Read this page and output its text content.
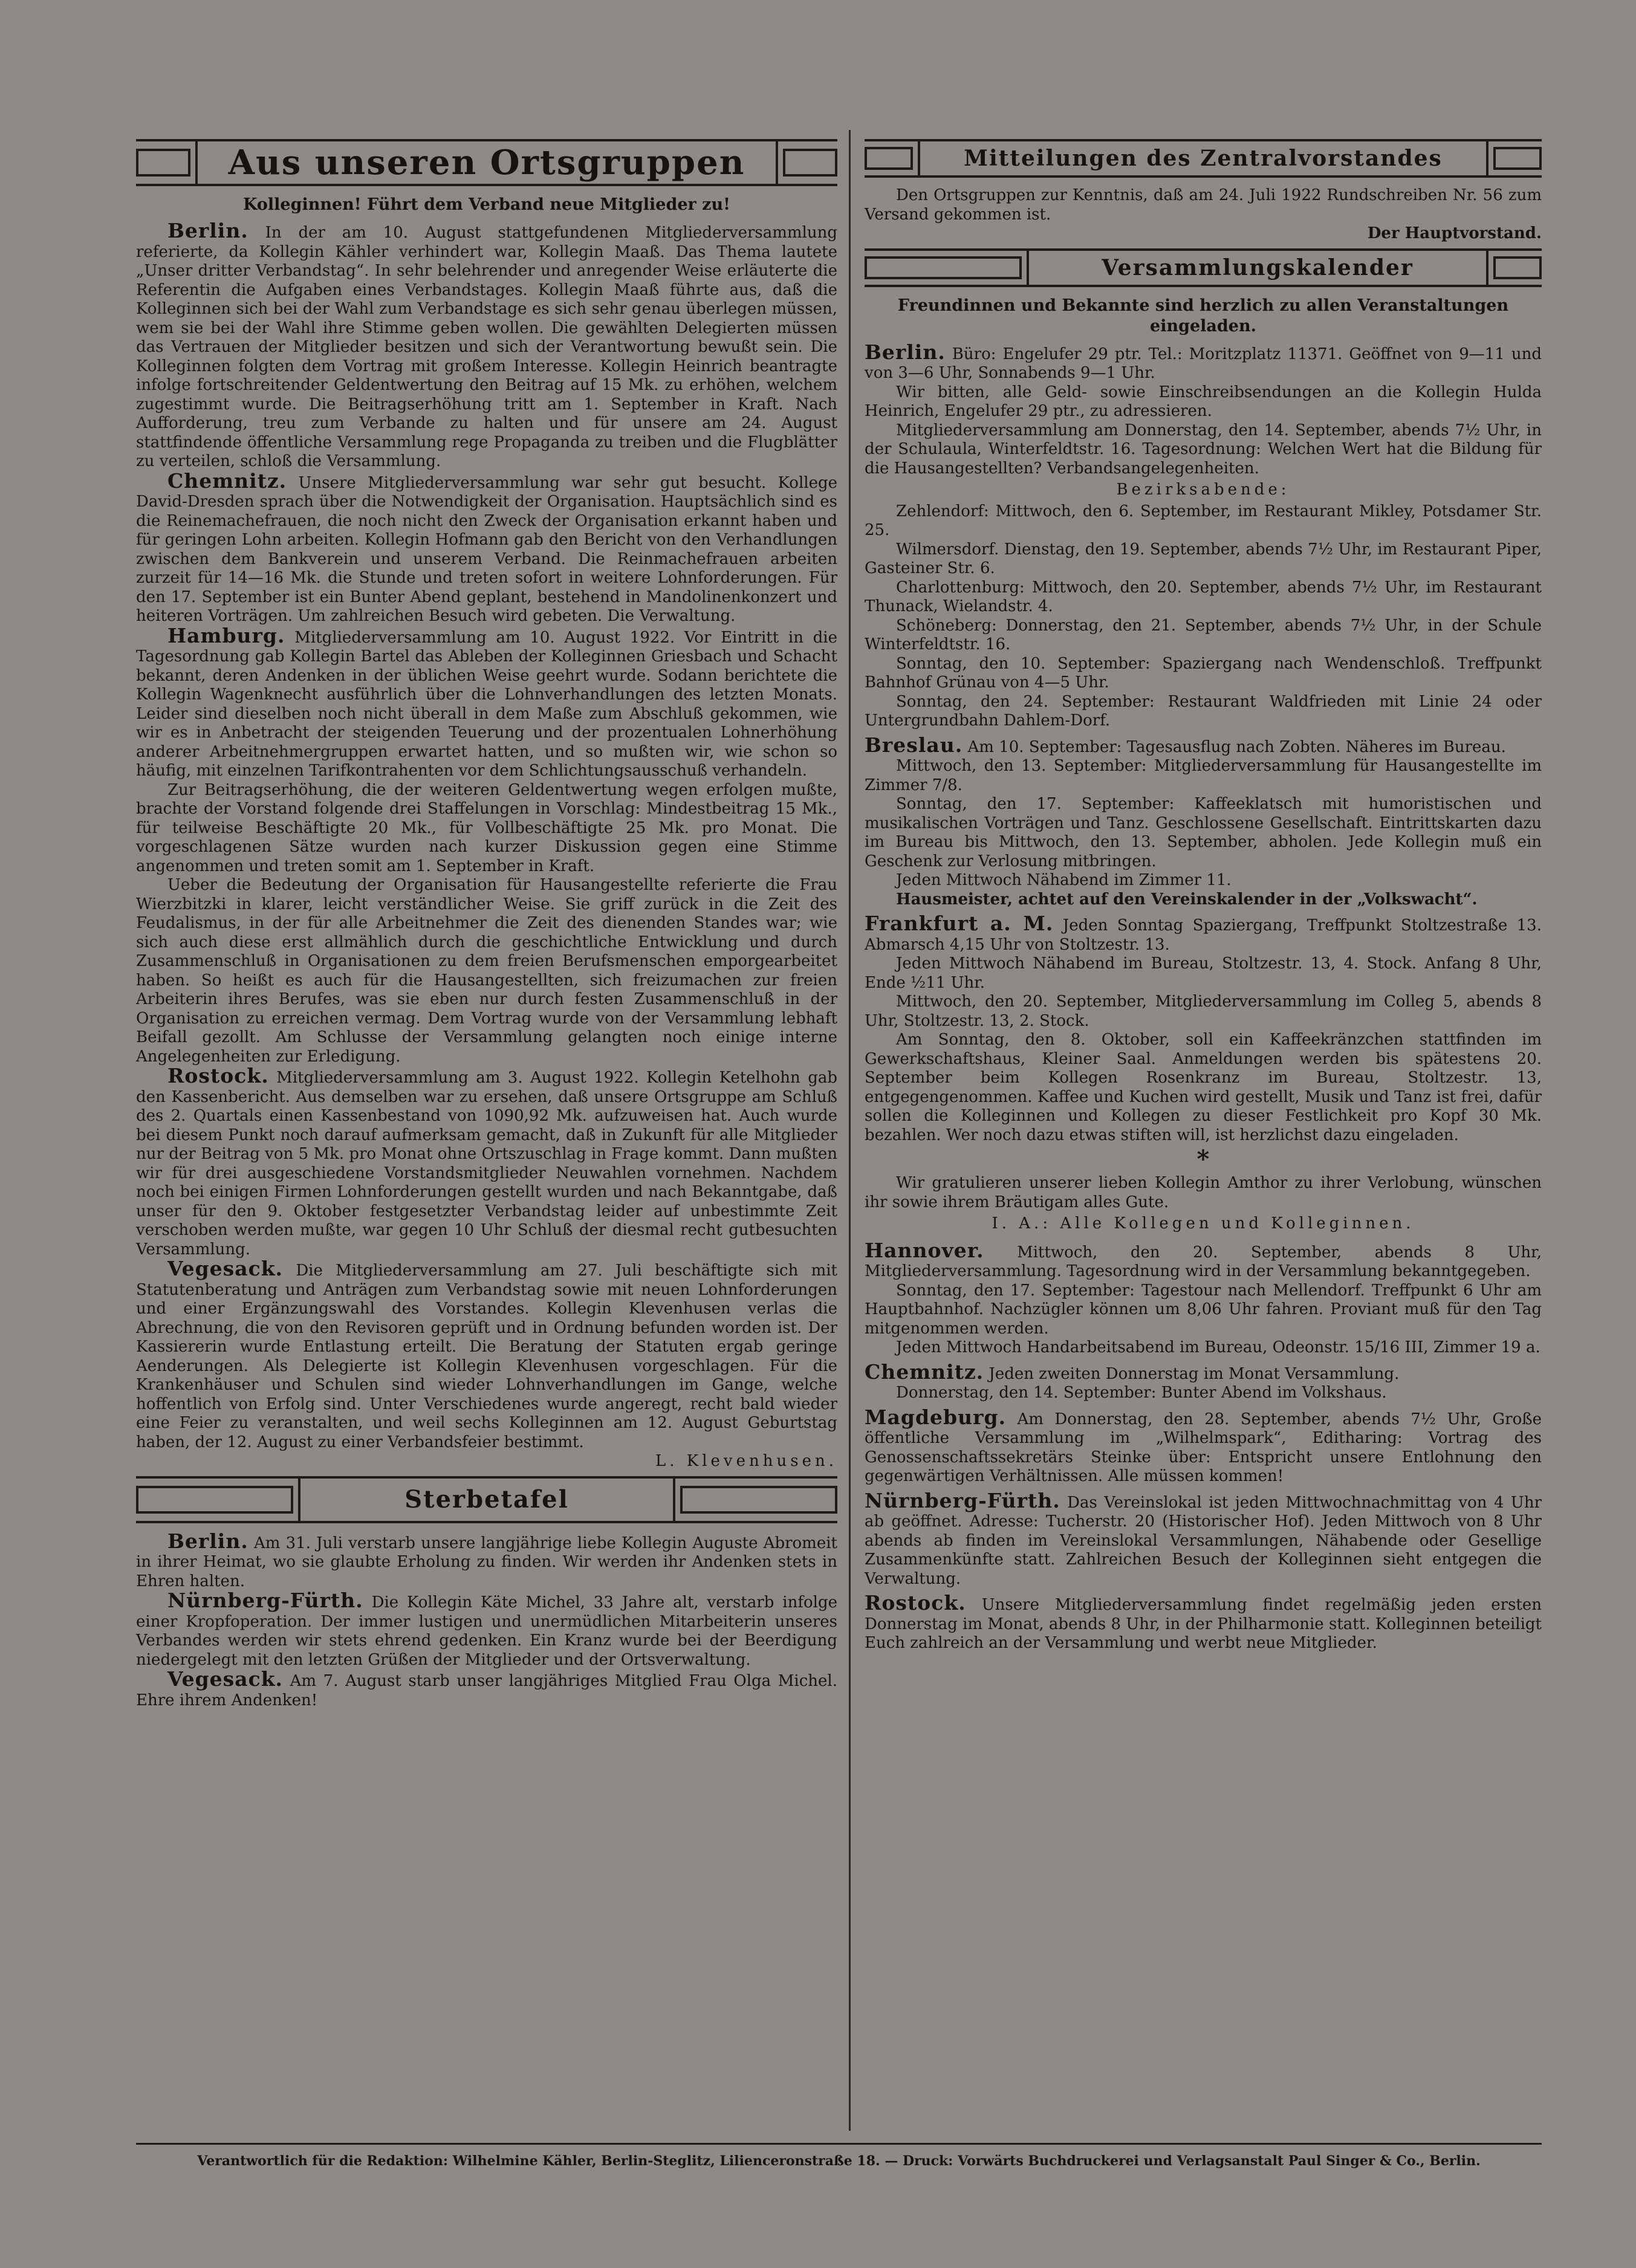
Aus unseren Ortsgruppen
Kolleginnen! Führt dem Verband neue Mitglieder zu!

Berlin. In der am 10. August stattgefundenen Mitgliederversammlung referierte, da Kollegin Kähler verhindert war, Kollegin Maaß. Das Thema lautete „Unser dritter Verbandstag“. In sehr belehrender und anregender Weise erläuterte die Referentin die Aufgaben eines Verbandstages. Kollegin Maaß führte aus, daß die Kolleginnen sich bei der Wahl zum Verbandstage es sich sehr genau überlegen müssen, wem sie bei der Wahl ihre Stimme geben wollen. Die gewählten Delegierten müssen das Vertrauen der Mitglieder besitzen und sich der Verantwortung bewußt sein. Die Kolleginnen folgten dem Vortrag mit großem Interesse. Kollegin Heinrich beantragte infolge fortschreitender Geldentwertung den Beitrag auf 15 Mk. zu erhöhen, welchem zugestimmt wurde. Die Beitragserhöhung tritt am 1. September in Kraft. Nach Aufforderung, treu zum Verbande zu halten und für unsere am 24. August stattfindende öffentliche Versammlung rege Propaganda zu treiben und die Flugblätter zu verteilen, schloß die Versammlung.

Chemnitz. Unsere Mitgliederversammlung war sehr gut besucht. Kollege David-Dresden sprach über die Notwendigkeit der Organisation. Hauptsächlich sind es die Reinemachefrauen, die noch nicht den Zweck der Organisation erkannt haben und für geringen Lohn arbeiten. Kollegin Hofmann gab den Bericht von den Verhandlungen zwischen dem Bankverein und unserem Verband. Die Reinmachefrauen arbeiten zurzeit für 14—16 Mk. die Stunde und treten sofort in weitere Lohnforderungen. Für den 17. September ist ein Bunter Abend geplant, bestehend in Mandolinenkonzert und heiteren Vorträgen. Um zahlreichen Besuch wird gebeten. Die Verwaltung.

Hamburg. Mitgliederversammlung am 10. August 1922. Vor Eintritt in die Tagesordnung gab Kollegin Bartel das Ableben der Kolleginnen Griesbach und Schacht bekannt, deren Andenken in der üblichen Weise geehrt wurde. Sodann berichtete die Kollegin Wagenknecht ausführlich über die Lohnverhandlungen des letzten Monats. Leider sind dieselben noch nicht überall in dem Maße zum Abschluß gekommen, wie wir es in Anbetracht der steigenden Teuerung und der prozentualen Lohnerhöhung anderer Arbeitnehmergruppen erwartet hatten, und so mußten wir, wie schon so häufig, mit einzelnen Tarifkontrahenten vor dem Schlichtungsausschuß verhandeln.

Zur Beitragserhöhung, die der weiteren Geldentwertung wegen erfolgen mußte, brachte der Vorstand folgende drei Staffelungen in Vorschlag: Mindestbeitrag 15 Mk., für teilweise Beschäftigte 20 Mk., für Vollbeschäftigte 25 Mk. pro Monat. Die vorgeschlagenen Sätze wurden nach kurzer Diskussion gegen eine Stimme angenommen und treten somit am 1. September in Kraft.

Ueber die Bedeutung der Organisation für Hausangestellte referierte die Frau Wierzbitzki in klarer, leicht verständlicher Weise. Sie griff zurück in die Zeit des Feudalismus, in der für alle Arbeitnehmer die Zeit des dienenden Standes war; wie sich auch diese erst allmählich durch die geschichtliche Entwicklung und durch Zusammenschluß in Organisationen zu dem freien Berufsmenschen emporgearbeitet haben. So heißt es auch für die Hausangestellten, sich freizumachen zur freien Arbeiterin ihres Berufes, was sie eben nur durch festen Zusammenschluß in der Organisation zu erreichen vermag. Dem Vortrag wurde von der Versammlung lebhaft Beifall gezollt. Am Schlusse der Versammlung gelangten noch einige interne Angelegenheiten zur Erledigung.

Rostock. Mitgliederversammlung am 3. August 1922. Kollegin Ketelhohn gab den Kassenbericht. Aus demselben war zu ersehen, daß unsere Ortsgruppe am Schluß des 2. Quartals einen Kassenbestand von 1090,92 Mk. aufzuweisen hat. Auch wurde bei diesem Punkt noch darauf aufmerksam gemacht, daß in Zukunft für alle Mitglieder nur der Beitrag von 5 Mk. pro Monat ohne Ortszuschlag in Frage kommt. Dann mußten wir für drei ausgeschiedene Vorstandsmitglieder Neuwahlen vornehmen. Nachdem noch bei einigen Firmen Lohnforderungen gestellt wurden und nach Bekanntgabe, daß unser für den 9. Oktober festgesetzter Verbandstag leider auf unbestimmte Zeit verschoben werden mußte, war gegen 10 Uhr Schluß der diesmal recht gutbesuchten Versammlung.

Vegesack. Die Mitgliederversammlung am 27. Juli beschäftigte sich mit Statutenberatung und Anträgen zum Verbandstag sowie mit neuen Lohnforderungen und einer Ergänzungswahl des Vorstandes. Kollegin Klevenhusen verlas die Abrechnung, die von den Revisoren geprüft und in Ordnung befunden worden ist. Der Kassiererin wurde Entlastung erteilt. Die Beratung der Statuten ergab geringe Aenderungen. Als Delegierte ist Kollegin Klevenhusen vorgeschlagen. Für die Krankenhäuser und Schulen sind wieder Lohnverhandlungen im Gange, welche hoffentlich von Erfolg sind. Unter Verschiedenes wurde angeregt, recht bald wieder eine Feier zu veranstalten, und weil sechs Kolleginnen am 12. August Geburtstag haben, der 12. August zu einer Verbandsfeier bestimmt.

L. Klevenhusen.

Sterbetafel

Berlin. Am 31. Juli verstarb unsere langjährige liebe Kollegin Auguste Abromeit in ihrer Heimat, wo sie glaubte Erholung zu finden. Wir werden ihr Andenken stets in Ehren halten.

Nürnberg-Fürth. Die Kollegin Käte Michel, 33 Jahre alt, verstarb infolge einer Kropfoperation. Der immer lustigen und unermüdlichen Mitarbeiterin unseres Verbandes werden wir stets ehrend gedenken. Ein Kranz wurde bei der Beerdigung niedergelegt mit den letzten Grüßen der Mitglieder und der Ortsverwaltung.

Vegesack. Am 7. August starb unser langjähriges Mitglied Frau Olga Michel. Ehre ihrem Andenken!

Mitteilungen des Zentralvorstandes

Den Ortsgruppen zur Kenntnis, daß am 24. Juli 1922 Rundschreiben Nr. 56 zum Versand gekommen ist.

Der Hauptvorstand.

Versammlungskalender
Freundinnen und Bekannte sind herzlich zu allen Veranstaltungen eingeladen.

Berlin. Büro: Engelufer 29 ptr. Tel.: Moritzplatz 11371. Geöffnet von 9—11 und von 3—6 Uhr, Sonnabends 9—1 Uhr.

Wir bitten, alle Geld- sowie Einschreibsendungen an die Kollegin Hulda Heinrich, Engelufer 29 ptr., zu adressieren.

Mitgliederversammlung am Donnerstag, den 14. September, abends 7½ Uhr, in der Schulaula, Winterfeldtstr. 16. Tagesordnung: Welchen Wert hat die Bildung für die Hausangestellten? Verbandsangelegenheiten.

Bezirksabende:

Zehlendorf: Mittwoch, den 6. September, im Restaurant Mikley, Potsdamer Str. 25.

Wilmersdorf. Dienstag, den 19. September, abends 7½ Uhr, im Restaurant Piper, Gasteiner Str. 6.

Charlottenburg: Mittwoch, den 20. September, abends 7½ Uhr, im Restaurant Thunack, Wielandstr. 4.

Schöneberg: Donnerstag, den 21. September, abends 7½ Uhr, in der Schule Winterfeldtstr. 16.

Sonntag, den 10. September: Spaziergang nach Wendenschloß. Treffpunkt Bahnhof Grünau von 4—5 Uhr.

Sonntag, den 24. September: Restaurant Waldfrieden mit Linie 24 oder Untergrundbahn Dahlem-Dorf.

Breslau. Am 10. September: Tagesausflug nach Zobten. Näheres im Bureau.

Mittwoch, den 13. September: Mitgliederversammlung für Hausangestellte im Zimmer 7/8.

Sonntag, den 17. September: Kaffeeklatsch mit humoristischen und musikalischen Vorträgen und Tanz. Geschlossene Gesellschaft. Eintrittskarten dazu im Bureau bis Mittwoch, den 13. September, abholen. Jede Kollegin muß ein Geschenk zur Verlosung mitbringen.

Jeden Mittwoch Nähabend im Zimmer 11.

Hausmeister, achtet auf den Vereinskalender in der „Volkswacht“.

Frankfurt a. M. Jeden Sonntag Spaziergang, Treffpunkt Stoltzestraße 13. Abmarsch 4,15 Uhr von Stoltzestr. 13.

Jeden Mittwoch Nähabend im Bureau, Stoltzestr. 13, 4. Stock. Anfang 8 Uhr, Ende ½11 Uhr.

Mittwoch, den 20. September, Mitgliederversammlung im Colleg 5, abends 8 Uhr, Stoltzestr. 13, 2. Stock.

Am Sonntag, den 8. Oktober, soll ein Kaffeekränzchen stattfinden im Gewerkschaftshaus, Kleiner Saal. Anmeldungen werden bis spätestens 20. September beim Kollegen Rosenkranz im Bureau, Stoltzestr. 13, entgegengenommen. Kaffee und Kuchen wird gestellt, Musik und Tanz ist frei, dafür sollen die Kolleginnen und Kollegen zu dieser Festlichkeit pro Kopf 30 Mk. bezahlen. Wer noch dazu etwas stiften will, ist herzlichst dazu eingeladen.

*

Wir gratulieren unserer lieben Kollegin Amthor zu ihrer Verlobung, wünschen ihr sowie ihrem Bräutigam alles Gute.

I. A.: Alle Kollegen und Kolleginnen.

Hannover. Mittwoch, den 20. September, abends 8 Uhr, Mitgliederversammlung. Tagesordnung wird in der Versammlung bekanntgegeben.

Sonntag, den 17. September: Tagestour nach Mellendorf. Treffpunkt 6 Uhr am Hauptbahnhof. Nachzügler können um 8,06 Uhr fahren. Proviant muß für den Tag mitgenommen werden.

Jeden Mittwoch Handarbeitsabend im Bureau, Odeonstr. 15/16 III, Zimmer 19 a.

Chemnitz. Jeden zweiten Donnerstag im Monat Versammlung.

Donnerstag, den 14. September: Bunter Abend im Volkshaus.

Magdeburg. Am Donnerstag, den 28. September, abends 7½ Uhr, Große öffentliche Versammlung im „Wilhelmspark“, Editharing: Vortrag des Genossenschaftssekretärs Steinke über: Entspricht unsere Entlohnung den gegenwärtigen Verhältnissen. Alle müssen kommen!

Nürnberg-Fürth. Das Vereinslokal ist jeden Mittwochnachmittag von 4 Uhr ab geöffnet. Adresse: Tucherstr. 20 (Historischer Hof). Jeden Mittwoch von 8 Uhr abends ab finden im Vereinslokal Versammlungen, Nähabende oder Gesellige Zusammenkünfte statt. Zahlreichen Besuch der Kolleginnen sieht entgegen die Verwaltung.

Rostock. Unsere Mitgliederversammlung findet regelmäßig jeden ersten Donnerstag im Monat, abends 8 Uhr, in der Philharmonie statt. Kolleginnen beteiligt Euch zahlreich an der Versammlung und werbt neue Mitglieder.

Verantwortlich für die Redaktion: Wilhelmine Kähler, Berlin-Steglitz, Lilienceronstraße 18. — Druck: Vorwärts Buchdruckerei und Verlagsanstalt Paul Singer & Co., Berlin.
